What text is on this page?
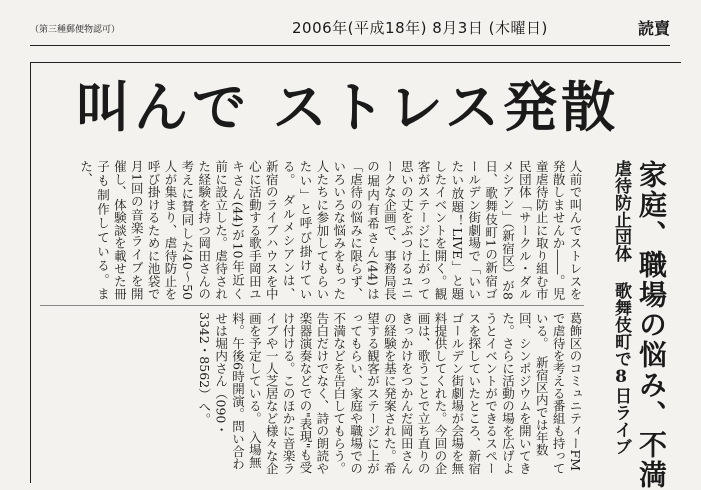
（第三種郵便物認可）	2006年(平成18年) 8月3日 (木曜日)	読賣
叫んで ストレス発散
家庭、職場の悩み、不満
虐待防止団体 歌舞伎町で8日ライブ
人前で叫んでストレスを発散しませんか――。児童虐待防止に取り組む市民団体「サークル・ダルメシアン」（新宿区）が8日、歌舞伎町1の新宿ゴールデン街劇場で「いいたい放題！LIVE」と題したイベントを開く。観客がステージに上がって思いの丈をぶつけるユニークな企画で、事務局長の堀内有希さん(44)は「虐待の悩みに限らず、いろいろな悩みをもった人たちに参加してもらいたい」と呼び掛けている。　ダルメシアンは、新宿のライブハウスを中心に活動する歌手岡田ユキさん(44)が10年近く前に設立した。虐待された経験を持つ岡田さんの考えに賛同した40～50人が集まり、虐待防止を呼び掛けるために池袋で月1回の音楽ライブを開催し、体験談を載せた冊子も制作している。また、
葛飾区のコミュニティーFMで虐待を考える番組も持っている。　新宿区内では年数回、シンポジウムを開いてきた。さらに活動の場を広げようとイベントができるスペースを探していたところ、新宿ゴールデン街劇場が会場を無料提供してくれた。今回の企画は、歌うことで立ち直りのきっかけをつかんだ岡田さんの経験を基に発案された。希望する観客がステージに上がってもらい、家庭や職場での不満などを告白してもらう。告白だけでなく、詩の朗読や楽器演奏などでの"表現"も受け付ける。このほかに音楽ライブや一人芝居など様々な企画を予定している。　入場無料。午後6時開演。問い合わせは堀内さん（090・3342・8562）へ。
